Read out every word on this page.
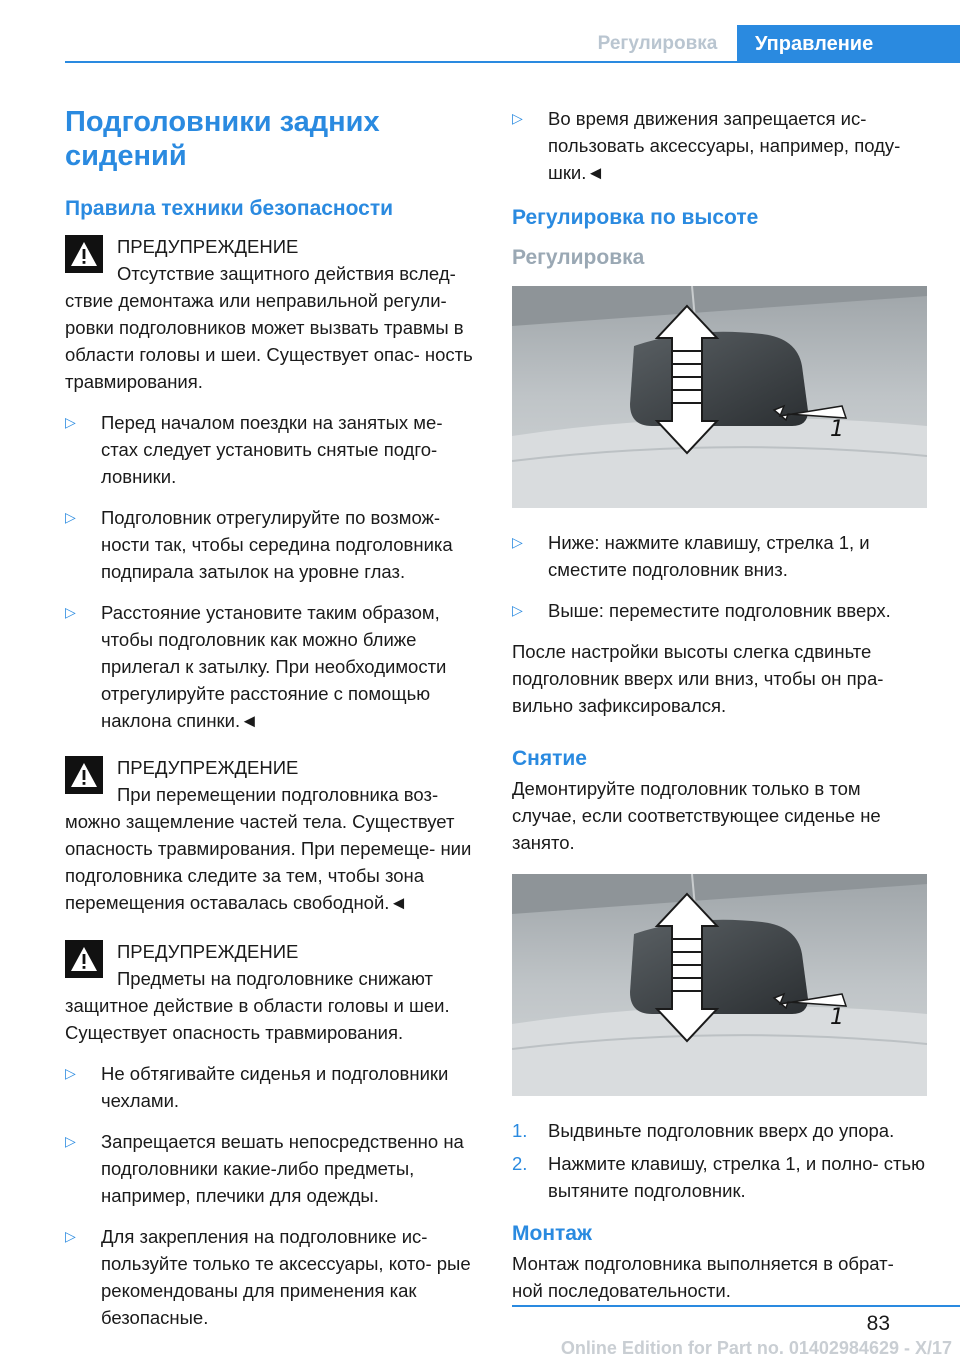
Регулировка	Управление
Подголовники задних сидений
Правила техники безопасности
ПРЕДУПРЕЖДЕНИЕ
Отсутствие защитного действия вслед-

ствие демонтажа или неправильной регули- ровки подголовников может вызвать травмы в области головы и шеи. Существует опас- ность травмирования.

▷ Перед началом поездки на занятых ме- стах следует установить снятые подго- ловники.
▷ Подголовник отрегулируйте по возмож- ности так, чтобы середина подголовника подпирала затылок на уровне глаз.
▷ Расстояние установите таким образом, чтобы подголовник как можно ближе прилегал к затылку. При необходимости отрегулируйте расстояние с помощью наклона спинки.◄
ПРЕДУПРЕЖДЕНИЕ
При перемещении подголовника воз-

можно защемление частей тела. Существует опасность травмирования. При перемеще- нии подголовника следите за тем, чтобы зона перемещения оставалась свободной.◄

ПРЕДУПРЕЖДЕНИЕ
Предметы на подголовнике снижают

защитное действие в области головы и шеи. Существует опасность травмирования.

▷ Не обтягивайте сиденья и подголовники чехлами.
▷ Запрещается вешать непосредственно на подголовники какие-либо предметы, например, плечики для одежды.
▷ Для закрепления на подголовнике ис- пользуйте только те аксессуары, кото- рые рекомендованы для применения как безопасные.
▷ Во время движения запрещается ис- пользовать аксессуары, например, поду- шки.◄
Регулировка по высоте
Регулировка
1
▷ Ниже: нажмите клавишу, стрелка 1, и сместите подголовник вниз.
▷ Выше: переместите подголовник вверх.

После настройки высоты слегка сдвиньте подголовник вверх или вниз, чтобы он пра- вильно зафиксировался.

Снятие

Демонтируйте подголовник только в том случае, если соответствующее сиденье не занято.

1
1. Выдвиньте подголовник вверх до упора.
2. Нажмите клавишу, стрелка 1, и полно- стью вытяните подголовник.
Монтаж

Монтаж подголовника выполняется в обрат- ной последовательности.

83
Online Edition for Part no. 01402984629 - X/17
